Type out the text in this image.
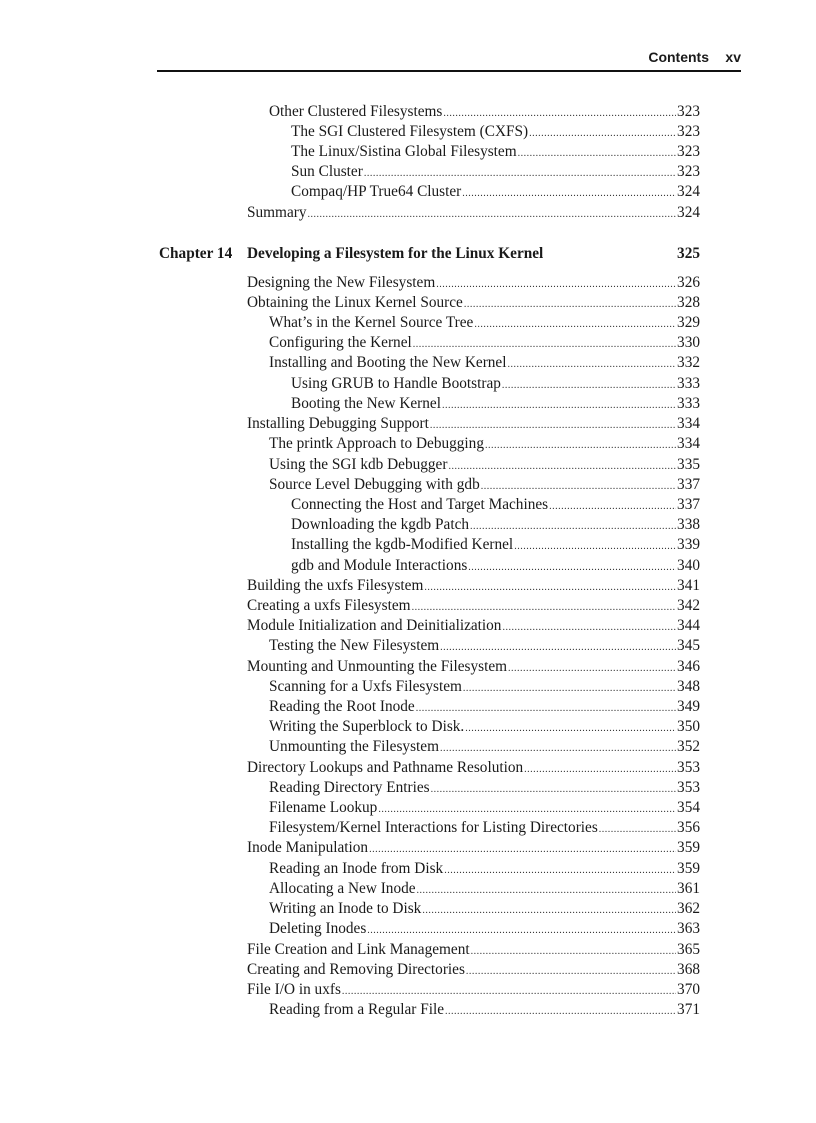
Contents xv
Other Clustered Filesystems .....	323
The SGI Clustered Filesystem (CXFS) .....	323
The Linux/Sistina Global Filesystem .....	323
Sun Cluster .....	323
Compaq/HP True64 Cluster .....	324
Summary .....	324
Chapter 14 Developing a Filesystem for the Linux Kernel	325
Designing the New Filesystem .....	326
Obtaining the Linux Kernel Source .....	328
What’s in the Kernel Source Tree .....	329
Configuring the Kernel .....	330
Installing and Booting the New Kernel .....	332
Using GRUB to Handle Bootstrap .....	333
Booting the New Kernel .....	333
Installing Debugging Support .....	334
The printk Approach to Debugging .....	334
Using the SGI kdb Debugger .....	335
Source Level Debugging with gdb .....	337
Connecting the Host and Target Machines .....	337
Downloading the kgdb Patch .....	338
Installing the kgdb-Modified Kernel .....	339
gdb and Module Interactions .....	340
Building the uxfs Filesystem .....	341
Creating a uxfs Filesystem .....	342
Module Initialization and Deinitialization .....	344
Testing the New Filesystem .....	345
Mounting and Unmounting the Filesystem .....	346
Scanning for a Uxfs Filesystem .....	348
Reading the Root Inode .....	349
Writing the Superblock to Disk. .....	350
Unmounting the Filesystem .....	352
Directory Lookups and Pathname Resolution .....	353
Reading Directory Entries .....	353
Filename Lookup .....	354
Filesystem/Kernel Interactions for Listing Directories .....	356
Inode Manipulation .....	359
Reading an Inode from Disk .....	359
Allocating a New Inode .....	361
Writing an Inode to Disk .....	362
Deleting Inodes .....	363
File Creation and Link Management .....	365
Creating and Removing Directories .....	368
File I/O in uxfs .....	370
Reading from a Regular File .....	371
